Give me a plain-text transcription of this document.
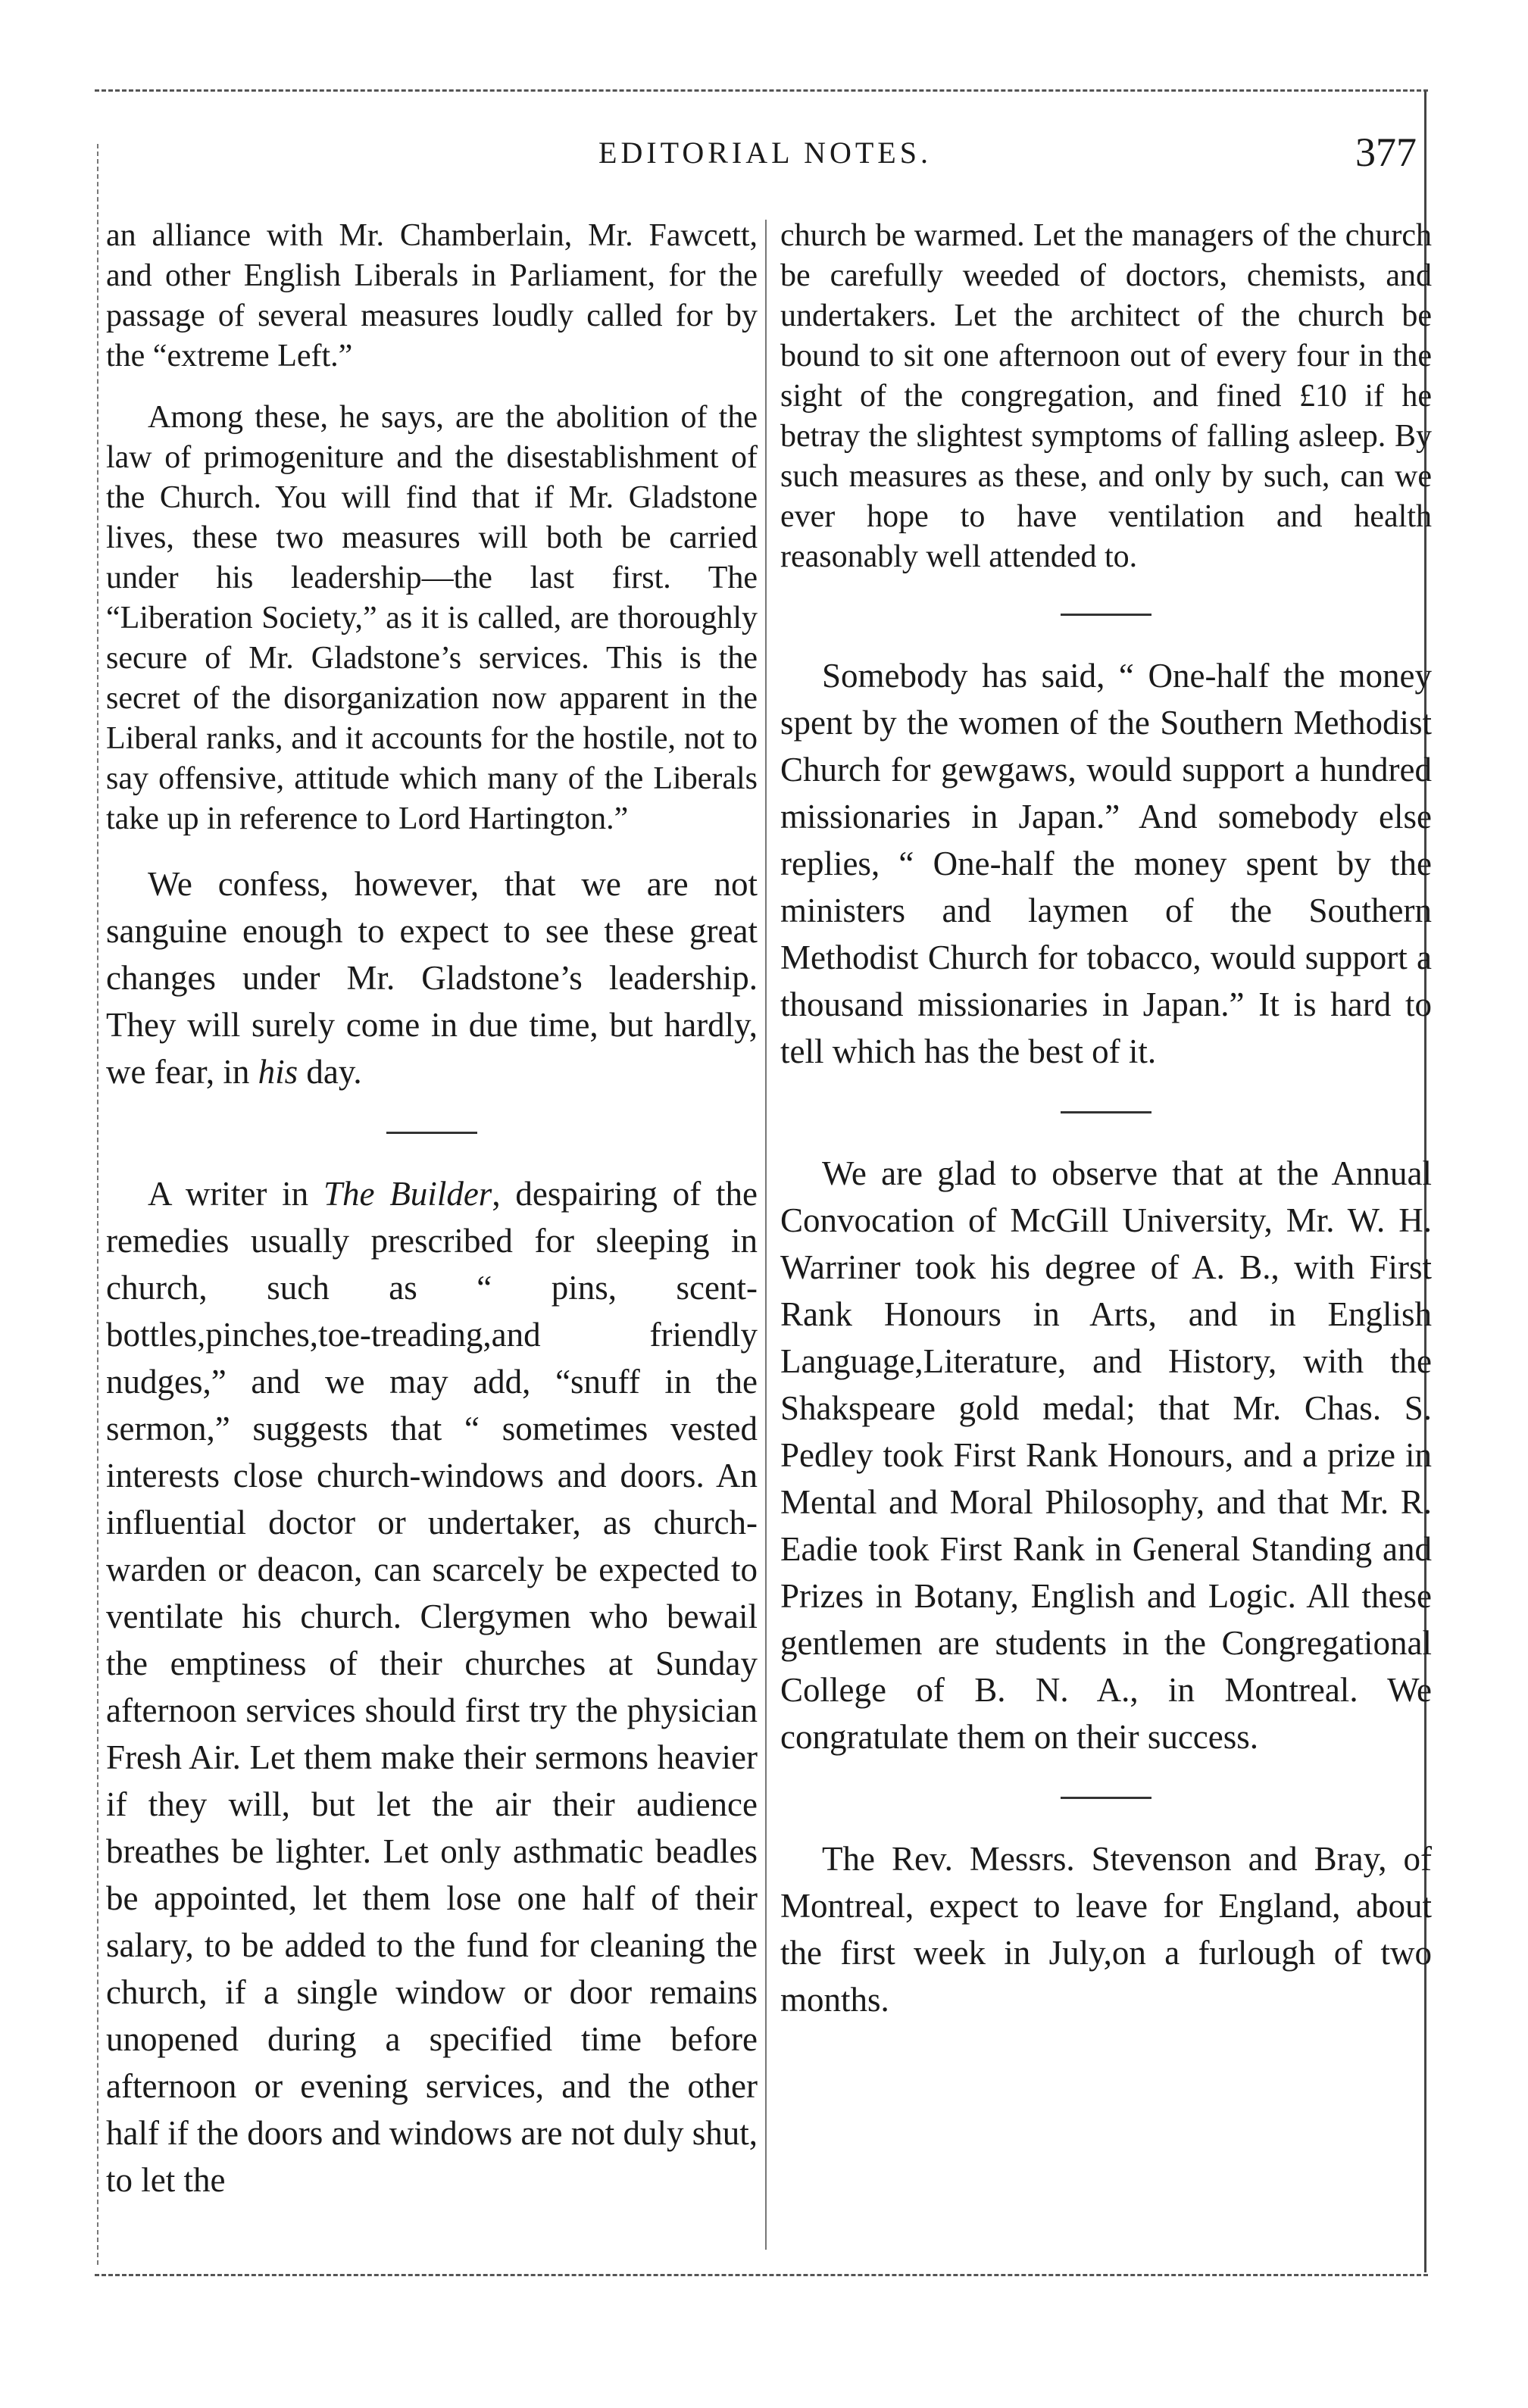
EDITORIAL NOTES.	377

an alliance with Mr. Chamberlain, Mr. Fawcett, and other English Liberals in Parliament, for the passage of several measures loudly called for by the “extreme Left.”

Among these, he says, are the abolition of the law of primogeniture and the disestablishment of the Church. You will find that if Mr. Gladstone lives, these two measures will both be carried under his leadership—the last first. The “Liberation Society,” as it is called, are thoroughly secure of Mr. Gladstone’s services. This is the secret of the disorganization now apparent in the Liberal ranks, and it accounts for the hostile, not to say offensive, attitude which many of the Liberals take up in reference to Lord Hartington.”

We confess, however, that we are not sanguine enough to expect to see these great changes under Mr. Gladstone’s leadership. They will surely come in due time, but hardly, we fear, in his day.

A writer in The Builder, despairing of the remedies usually prescribed for sleeping in church, such as “ pins, scent-bottles,pinches,toe-treading,and friendly nudges,” and we may add, “snuff in the sermon,” suggests that “ sometimes vested interests close church-windows and doors. An influential doctor or undertaker, as church-warden or deacon, can scarcely be expected to ventilate his church. Clergymen who bewail the emptiness of their churches at Sunday afternoon services should first try the physician Fresh Air. Let them make their sermons heavier if they will, but let the air their audience breathes be lighter. Let only asthmatic beadles be appointed, let them lose one half of their salary, to be added to the fund for cleaning the church, if a single window or door remains unopened during a specified time before afternoon or evening services, and the other half if the doors and windows are not duly shut, to let the

church be warmed. Let the managers of the church be carefully weeded of doctors, chemists, and undertakers. Let the architect of the church be bound to sit one afternoon out of every four in the sight of the congregation, and fined £10 if he betray the slightest symptoms of falling asleep. By such measures as these, and only by such, can we ever hope to have ventilation and health reasonably well attended to.

Somebody has said, “ One-half the money spent by the women of the Southern Methodist Church for gewgaws, would support a hundred missionaries in Japan.” And somebody else replies, “ One-half the money spent by the ministers and laymen of the Southern Methodist Church for tobacco, would support a thousand missionaries in Japan.” It is hard to tell which has the best of it.

We are glad to observe that at the Annual Convocation of McGill University, Mr. W. H. Warriner took his degree of A. B., with First Rank Honours in Arts, and in English Language,Literature, and History, with the Shakspeare gold medal; that Mr. Chas. S. Pedley took First Rank Honours, and a prize in Mental and Moral Philosophy, and that Mr. R. Eadie took First Rank in General Standing and Prizes in Botany, English and Logic. All these gentlemen are students in the Congregational College of B. N. A., in Montreal. We congratulate them on their success.

The Rev. Messrs. Stevenson and Bray, of Montreal, expect to leave for England, about the first week in July,on a furlough of two months.
